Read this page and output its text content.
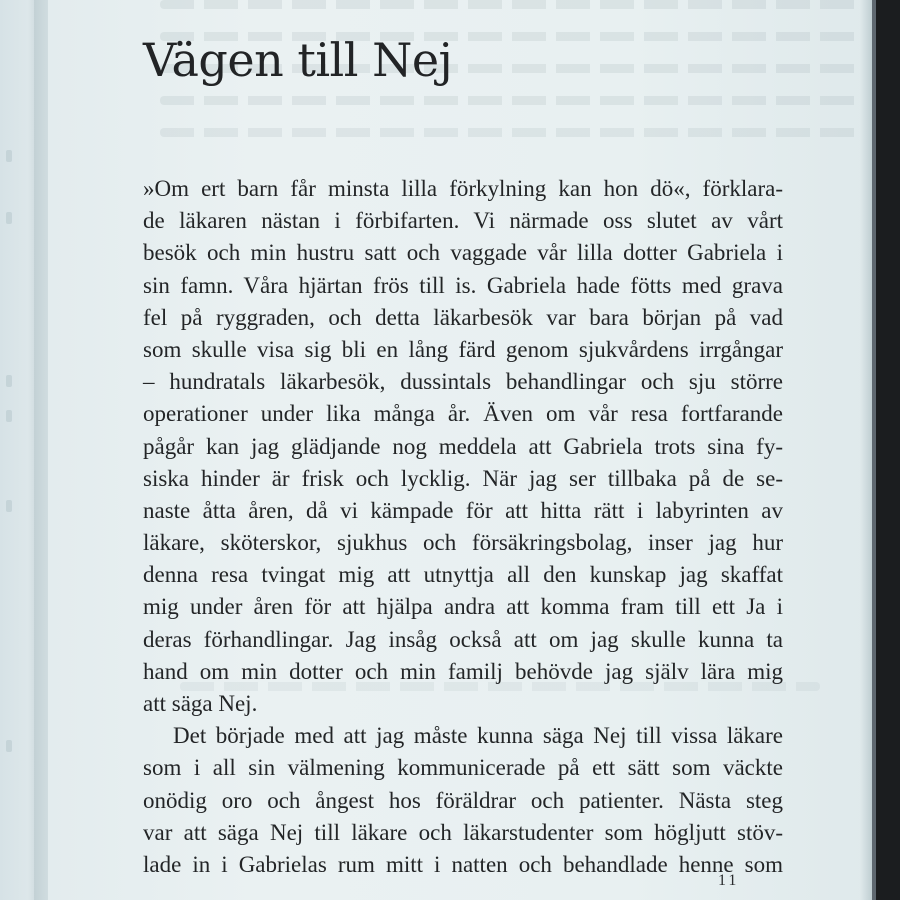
Vägen till Nej
»Om ert barn får minsta lilla förkylning kan hon dö«, förklara-
de läkaren nästan i förbifarten. Vi närmade oss slutet av vårt
besök och min hustru satt och vaggade vår lilla dotter Gabriela i
sin famn. Våra hjärtan frös till is. Gabriela hade fötts med grava
fel på ryggraden, och detta läkarbesök var bara början på vad
som skulle visa sig bli en lång färd genom sjukvårdens irrgångar
– hundratals läkarbesök, dussintals behandlingar och sju större
operationer under lika många år. Även om vår resa fortfarande
pågår kan jag glädjande nog meddela att Gabriela trots sina fy-
siska hinder är frisk och lycklig. När jag ser tillbaka på de se-
naste åtta åren, då vi kämpade för att hitta rätt i labyrinten av
läkare, sköterskor, sjukhus och försäkringsbolag, inser jag hur
denna resa tvingat mig att utnyttja all den kunskap jag skaffat
mig under åren för att hjälpa andra att komma fram till ett Ja i
deras förhandlingar. Jag insåg också att om jag skulle kunna ta
hand om min dotter och min familj behövde jag själv lära mig
att säga Nej.
Det började med att jag måste kunna säga Nej till vissa läkare
som i all sin välmening kommunicerade på ett sätt som väckte
onödig oro och ångest hos föräldrar och patienter. Nästa steg
var att säga Nej till läkare och läkarstudenter som högljutt stöv-
lade in i Gabrielas rum mitt i natten och behandlade henne som
11
